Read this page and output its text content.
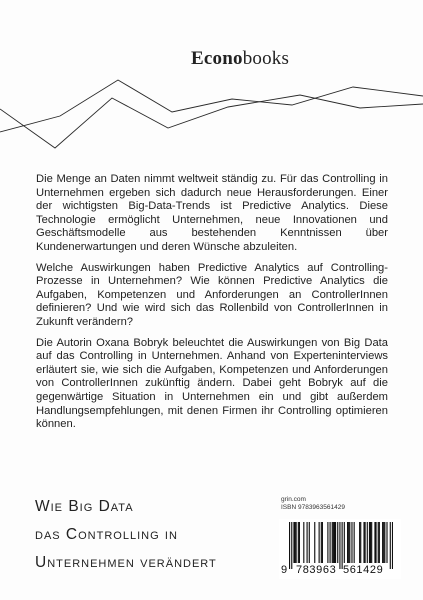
Econobooks

Die Menge an Daten nimmt weltweit ständig zu. Für das Controlling in Unternehmen ergeben sich dadurch neue Herausforderungen. Einer der wichtigsten Big-Data-Trends ist Predictive Analytics. Diese Technologie ermöglicht Unternehmen, neue Innovationen und Geschäftsmodelle aus bestehenden Kenntnissen über Kundenerwartungen und deren Wünsche abzuleiten.

Welche Auswirkungen haben Predictive Analytics auf Controlling-Prozesse in Unternehmen? Wie können Predictive Analytics die Aufgaben, Kompetenzen und Anforderungen an ControllerInnen definieren? Und wie wird sich das Rollenbild von ControllerInnen in Zukunft verändern?

Die Autorin Oxana Bobryk beleuchtet die Auswirkungen von Big Data auf das Controlling in Unternehmen. Anhand von Experteninterviews erläutert sie, wie sich die Aufgaben, Kompetenzen und Anforderungen von ControllerInnen zukünftig ändern. Dabei geht Bobryk auf die gegenwärtige Situation in Unternehmen ein und gibt außerdem Handlungsempfehlungen, mit denen Firmen ihr Controlling optimieren können.

Wie Big Data
das Controlling in
Unternehmen verändert
grin.com
ISBN 9783963561429
9 783963 561429
